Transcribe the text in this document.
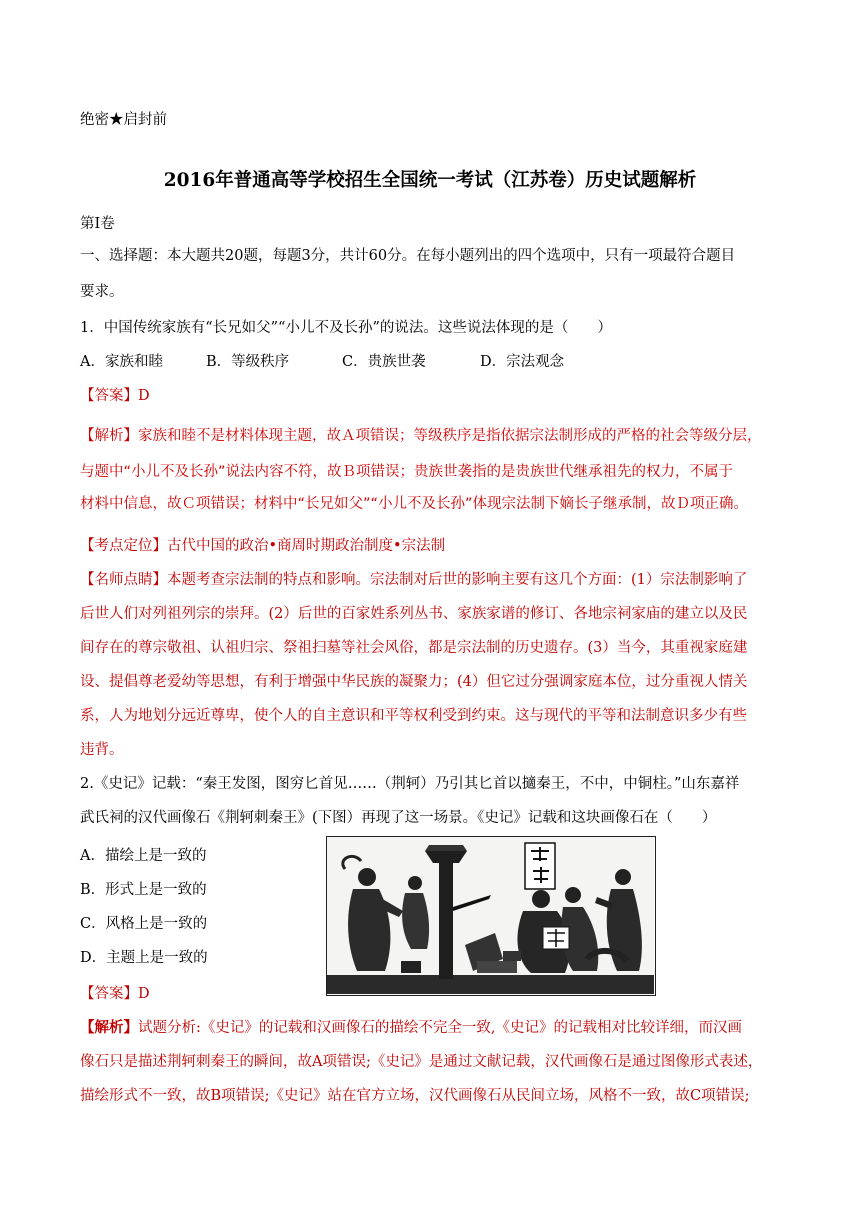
绝密★启封前
2016年普通高等学校招生全国统一考试（江苏卷）历史试题解析
第Ⅰ卷
一、选择题：本大题共20题，每题3分，共计60分。在每小题列出的四个选项中，只有一项最符合题目
要求。
1．中国传统家族有“长兄如父”“小儿不及长孙”的说法。这些说法体现的是（　　）
A．家族和睦	B．等级秩序	C．贵族世袭	D．宗法观念
【答案】D
【解析】家族和睦不是材料体现主题，故Ａ项错误；等级秩序是指依据宗法制形成的严格的社会等级分层，
与题中“小儿不及长孙”说法内容不符，故Ｂ项错误；贵族世袭指的是贵族世代继承祖先的权力，不属于
材料中信息，故Ｃ项错误；材料中“长兄如父”“小儿不及长孙”体现宗法制下嫡长子继承制，故Ｄ项正确。
【考点定位】古代中国的政治•商周时期政治制度•宗法制
【名师点睛】本题考查宗法制的特点和影响。宗法制对后世的影响主要有这几个方面：(1）宗法制影响了
后世人们对列祖列宗的崇拜。(2）后世的百家姓系列丛书、家族家谱的修订、各地宗祠家庙的建立以及民
间存在的尊宗敬祖、认祖归宗、祭祖扫墓等社会风俗，都是宗法制的历史遗存。(3）当今，其重视家庭建
设、提倡尊老爱幼等思想，有利于增强中华民族的凝聚力；(4）但它过分强调家庭本位，过分重视人情关
系，人为地划分远近尊卑，使个人的自主意识和平等权利受到约束。这与现代的平等和法制意识多少有些
违背。
2.《史记》记载：“秦王发图，图穷匕首见……（荆轲）乃引其匕首以擿秦王，不中，中铜柱。”山东嘉祥
武氏祠的汉代画像石《荆轲刺秦王》(下图）再现了这一场景。《史记》记载和这块画像石在（　　）
A．描绘上是一致的
B．形式上是一致的
C．风格上是一致的
D．主题上是一致的
【答案】D
【解析】试题分析:《史记》的记载和汉画像石的描绘不完全一致,《史记》的记载相对比较详细，而汉画
像石只是描述荆轲刺秦王的瞬间，故A项错误;《史记》是通过文献记载，汉代画像石是通过图像形式表述，
描绘形式不一致，故B项错误;《史记》站在官方立场，汉代画像石从民间立场，风格不一致，故C项错误;
